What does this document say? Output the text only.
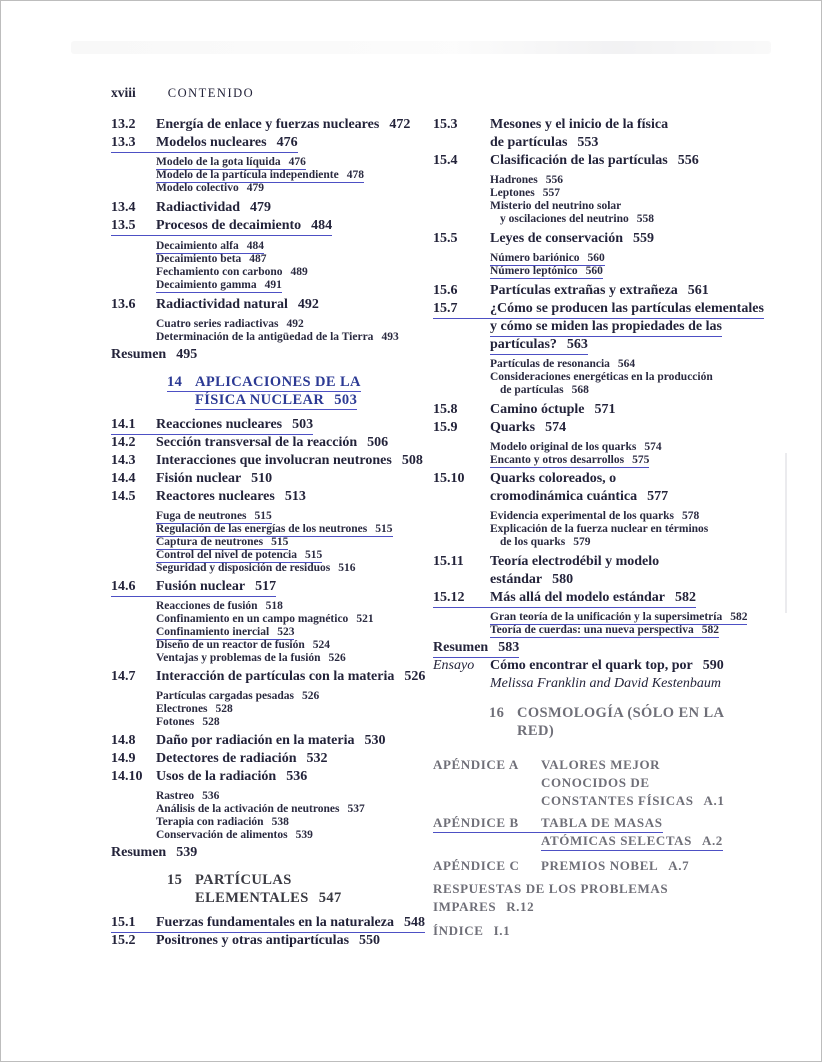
xviii	CONTENIDO
13.2	Energía de enlace y fuerzas nucleares 472
13.3	Modelos nucleares 476
Modelo de la gota líquida 476
Modelo de la partícula independiente 478
Modelo colectivo 479
13.4	Radiactividad 479
13.5	Procesos de decaimiento 484
Decaimiento alfa 484
Decaimiento beta 487
Fechamiento con carbono 489
Decaimiento gamma 491
13.6	Radiactividad natural 492
Cuatro series radiactivas 492
Determinación de la antigüedad de la Tierra 493
Resumen 495
14 APLICACIONES DE LA
FÍSICA NUCLEAR 503
14.1	Reacciones nucleares 503
14.2	Sección transversal de la reacción 506
14.3	Interacciones que involucran neutrones 508
14.4	Fisión nuclear 510
14.5	Reactores nucleares 513
Fuga de neutrones 515
Regulación de las energías de los neutrones 515
Captura de neutrones 515
Control del nivel de potencia 515
Seguridad y disposición de residuos 516
14.6	Fusión nuclear 517
Reacciones de fusión 518
Confinamiento en un campo magnético 521
Confinamiento inercial 523
Diseño de un reactor de fusión 524
Ventajas y problemas de la fusión 526
14.7	Interacción de partículas con la materia 526
Partículas cargadas pesadas 526
Electrones 528
Fotones 528
14.8	Daño por radiación en la materia 530
14.9	Detectores de radiación 532
14.10 Usos de la radiación 536
Rastreo 536
Análisis de la activación de neutrones 537
Terapia con radiación 538
Conservación de alimentos 539
Resumen 539
15 PARTÍCULAS
ELEMENTALES 547
15.1	Fuerzas fundamentales en la naturaleza 548
15.2	Positrones y otras antipartículas 550
15.3	Mesones y el inicio de la física
de partículas 553
15.4	Clasificación de las partículas 556
Hadrones 556
Leptones 557
Misterio del neutrino solar
y oscilaciones del neutrino 558
15.5	Leyes de conservación 559
Número bariónico 560
Número leptónico 560
15.6	Partículas extrañas y extrañeza 561
15.7	¿Cómo se producen las partículas elementales
y cómo se miden las propiedades de las
partículas? 563
Partículas de resonancia 564
Consideraciones energéticas en la producción
de partículas 568
15.8	Camino óctuple 571
15.9	Quarks 574
Modelo original de los quarks 574
Encanto y otros desarrollos 575
15.10	Quarks coloreados, o
cromodinámica cuántica 577
Evidencia experimental de los quarks 578
Explicación de la fuerza nuclear en términos
de los quarks 579
15.11	Teoría electrodébil y modelo
estándar 580
15.12	Más allá del modelo estándar 582
Gran teoría de la unificación y la supersimetría 582
Teoría de cuerdas: una nueva perspectiva 582
Resumen 583
Ensayo	Cómo encontrar el quark top, por 590
Melissa Franklin and David Kestenbaum
16 COSMOLOGÍA (SÓLO EN LA
RED)
APÉNDICE A	VALORES MEJOR
CONOCIDOS DE
CONSTANTES FÍSICAS A.1
APÉNDICE B	TABLA DE MASAS
ATÓMICAS SELECTAS A.2
APÉNDICE C	PREMIOS NOBEL A.7
RESPUESTAS DE LOS PROBLEMAS
IMPARES R.12
ÍNDICE I.1
